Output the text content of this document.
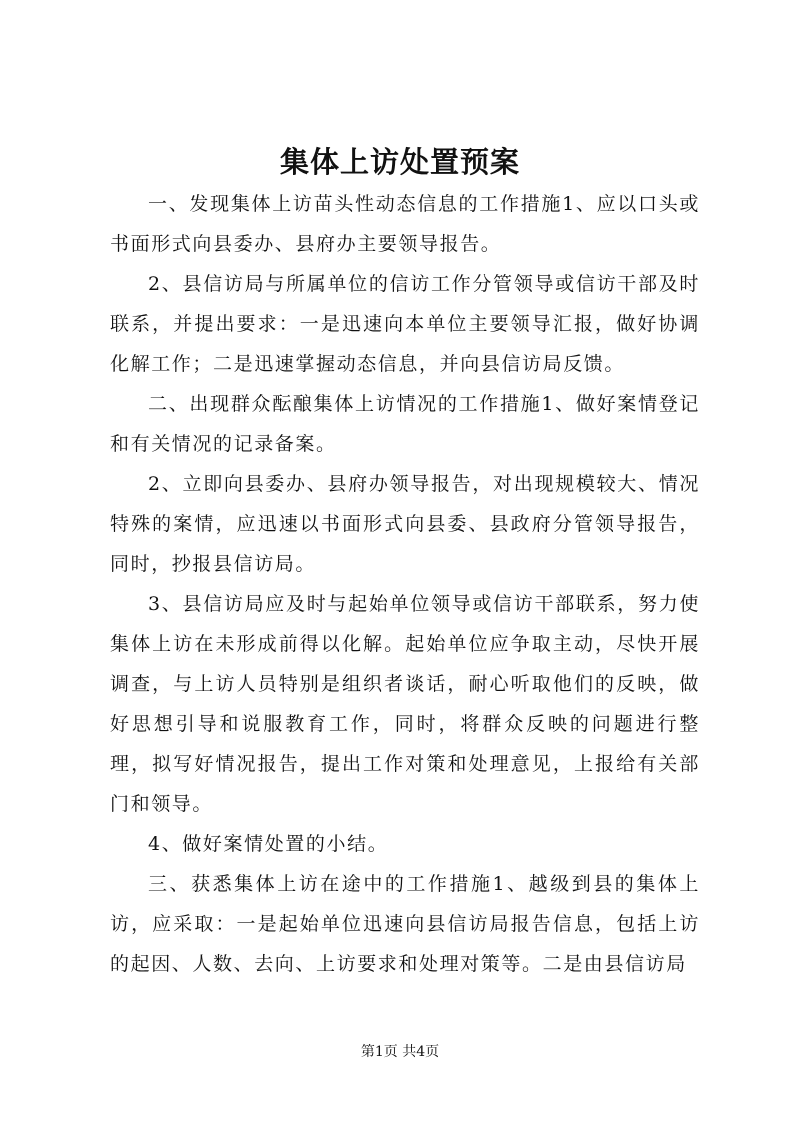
集体上访处置预案

一、发现集体上访苗头性动态信息的工作措施1、应以口头或书面形式向县委办、县府办主要领导报告。

2、县信访局与所属单位的信访工作分管领导或信访干部及时联系，并提出要求：一是迅速向本单位主要领导汇报，做好协调化解工作；二是迅速掌握动态信息，并向县信访局反馈。

二、出现群众酝酿集体上访情况的工作措施1、做好案情登记和有关情况的记录备案。

2、立即向县委办、县府办领导报告，对出现规模较大、情况特殊的案情，应迅速以书面形式向县委、县政府分管领导报告，同时，抄报县信访局。

3、县信访局应及时与起始单位领导或信访干部联系，努力使集体上访在未形成前得以化解。起始单位应争取主动，尽快开展调查，与上访人员特别是组织者谈话，耐心听取他们的反映，做好思想引导和说服教育工作，同时，将群众反映的问题进行整理，拟写好情况报告，提出工作对策和处理意见，上报给有关部门和领导。

4、做好案情处置的小结。

三、获悉集体上访在途中的工作措施1、越级到县的集体上访，应采取：一是起始单位迅速向县信访局报告信息，包括上访的起因、人数、去向、上访要求和处理对策等。二是由县信访局

第1页 共4页
